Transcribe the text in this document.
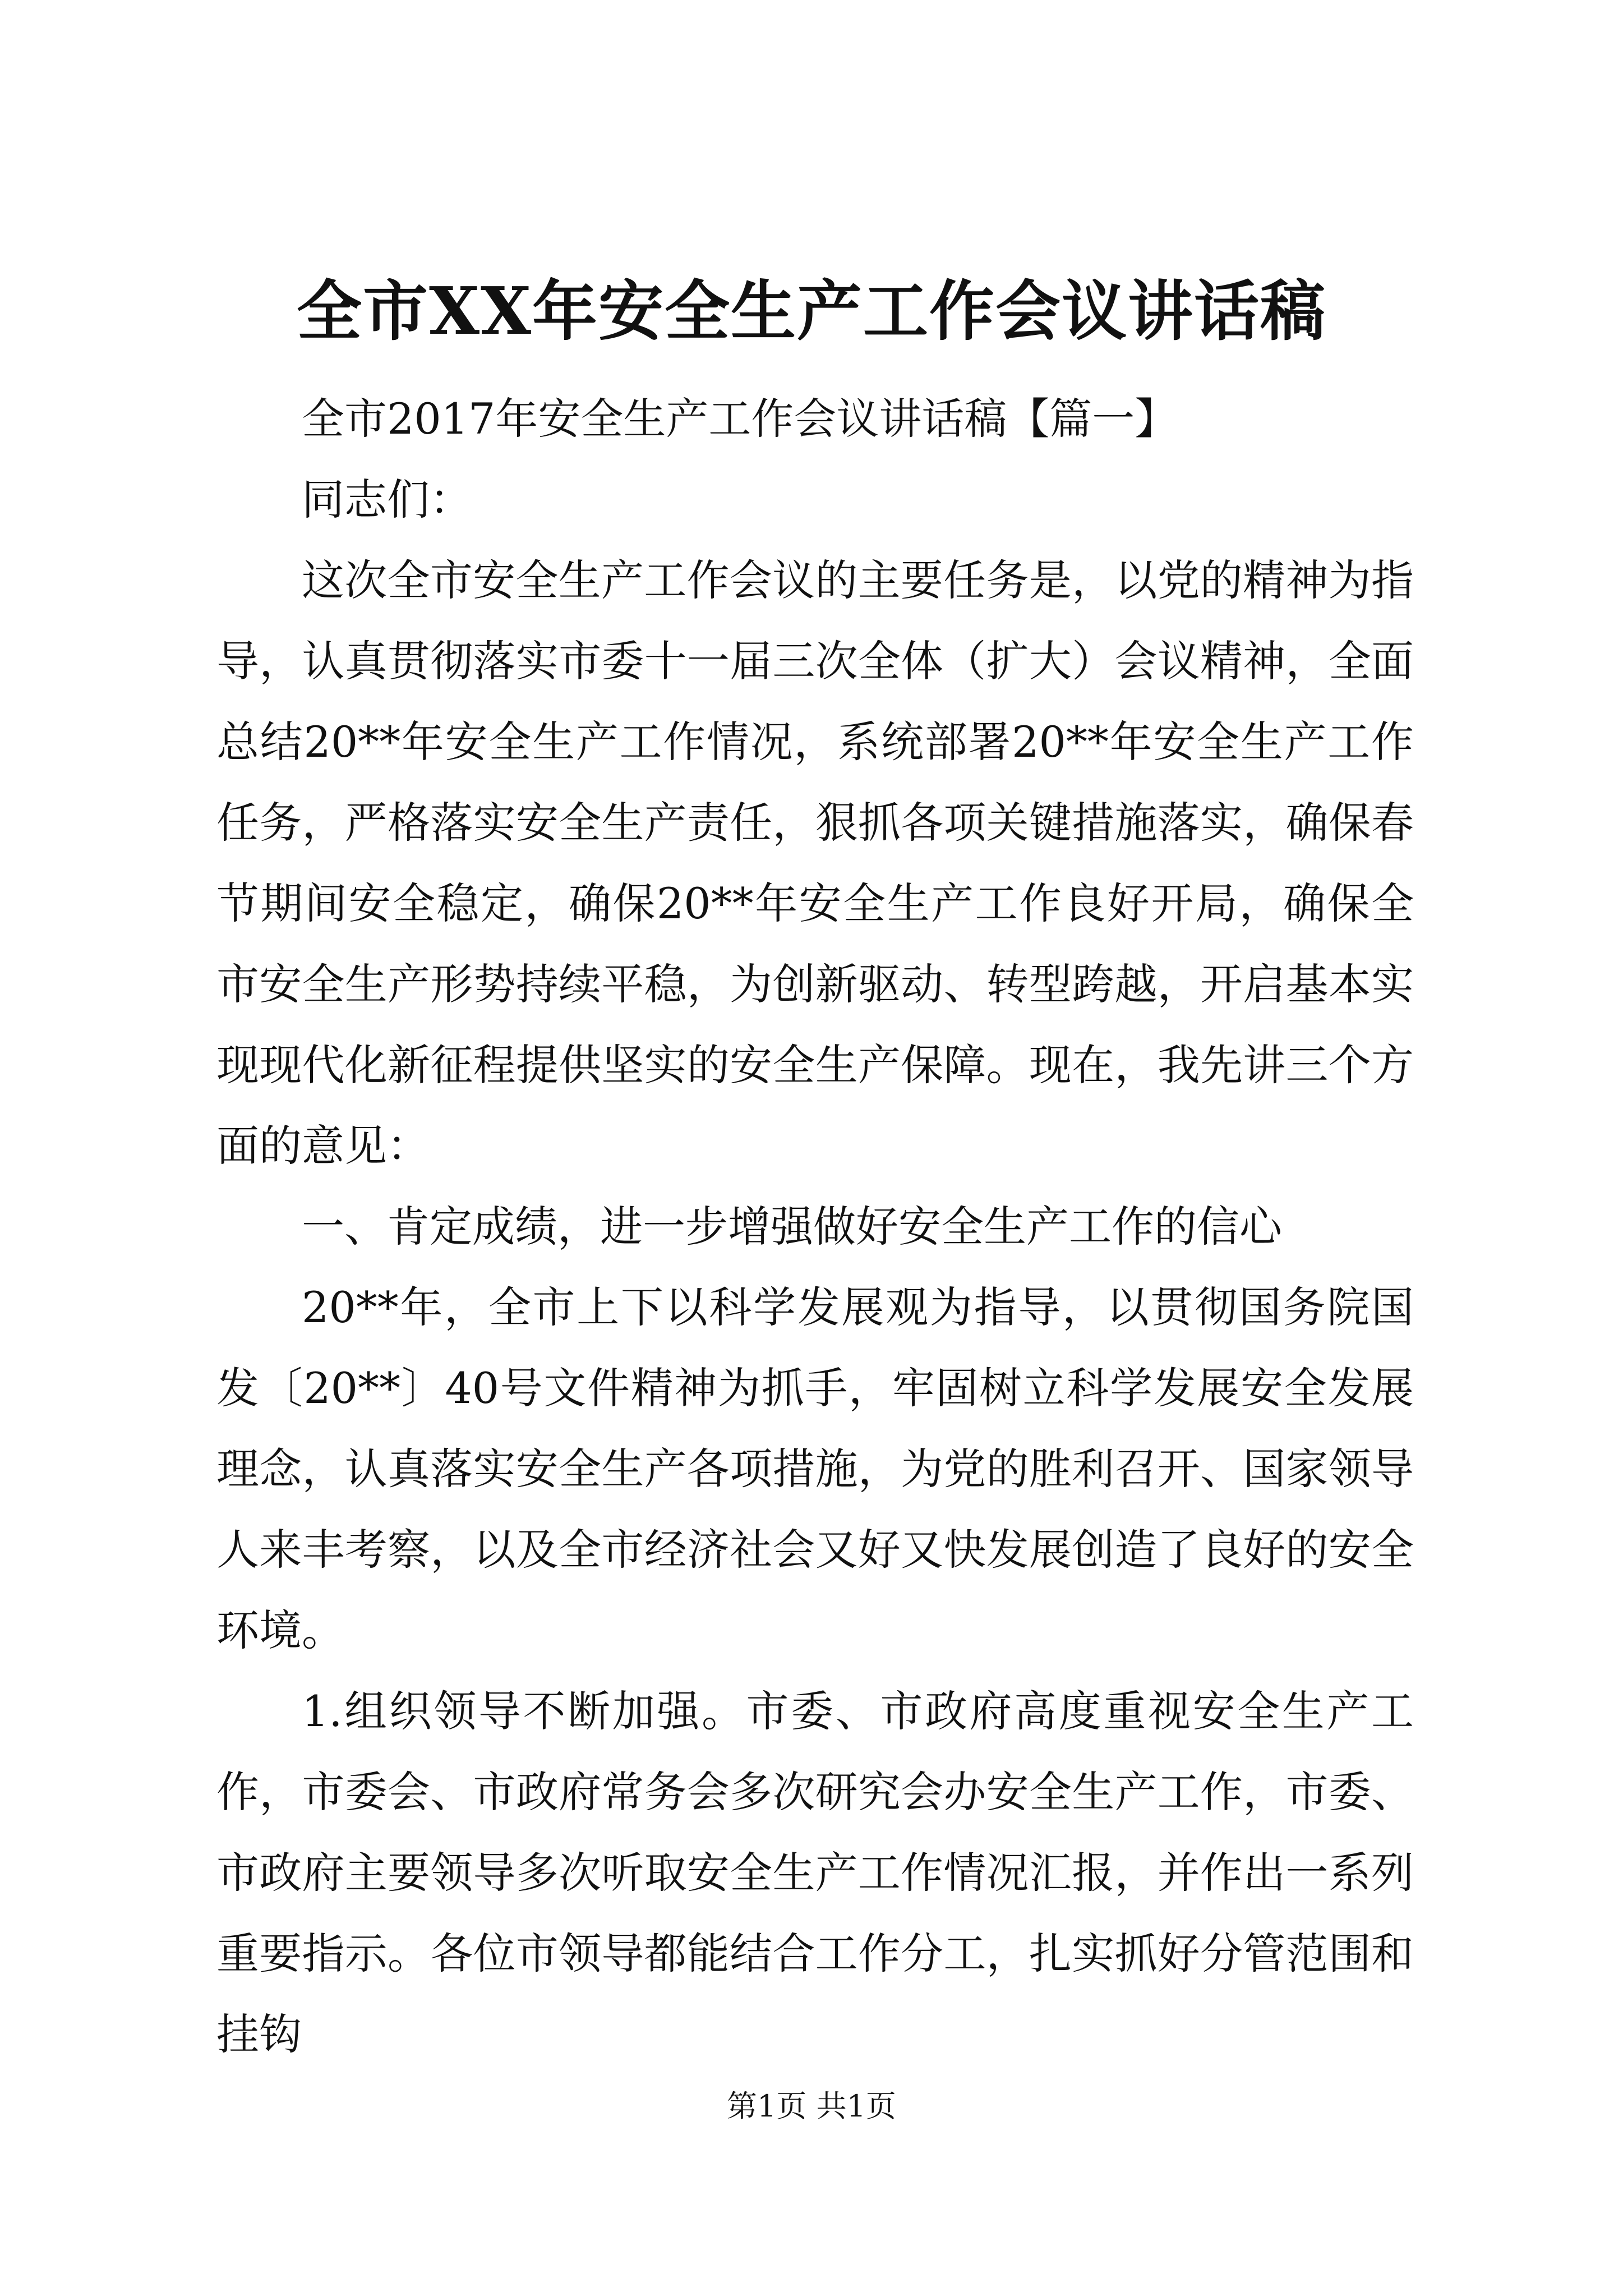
全市XX年安全生产工作会议讲话稿

全市2017年安全生产工作会议讲话稿【篇一】

同志们：

这次全市安全生产工作会议的主要任务是，以党的精神为指导，认真贯彻落实市委十一届三次全体（扩大）会议精神，全面总结20**年安全生产工作情况，系统部署20**年安全生产工作任务，严格落实安全生产责任，狠抓各项关键措施落实，确保春节期间安全稳定，确保20**年安全生产工作良好开局，确保全市安全生产形势持续平稳，为创新驱动、转型跨越，开启基本实现现代化新征程提供坚实的安全生产保障。现在，我先讲三个方面的意见：

一、肯定成绩，进一步增强做好安全生产工作的信心

20**年，全市上下以科学发展观为指导，以贯彻国务院国发〔20**〕40号文件精神为抓手，牢固树立科学发展安全发展理念，认真落实安全生产各项措施，为党的胜利召开、国家领导人来丰考察，以及全市经济社会又好又快发展创造了良好的安全环境。

1.组织领导不断加强。市委、市政府高度重视安全生产工作，市委会、市政府常务会多次研究会办安全生产工作，市委、市政府主要领导多次听取安全生产工作情况汇报，并作出一系列重要指示。各位市领导都能结合工作分工，扎实抓好分管范围和挂钩

第1页 共1页
